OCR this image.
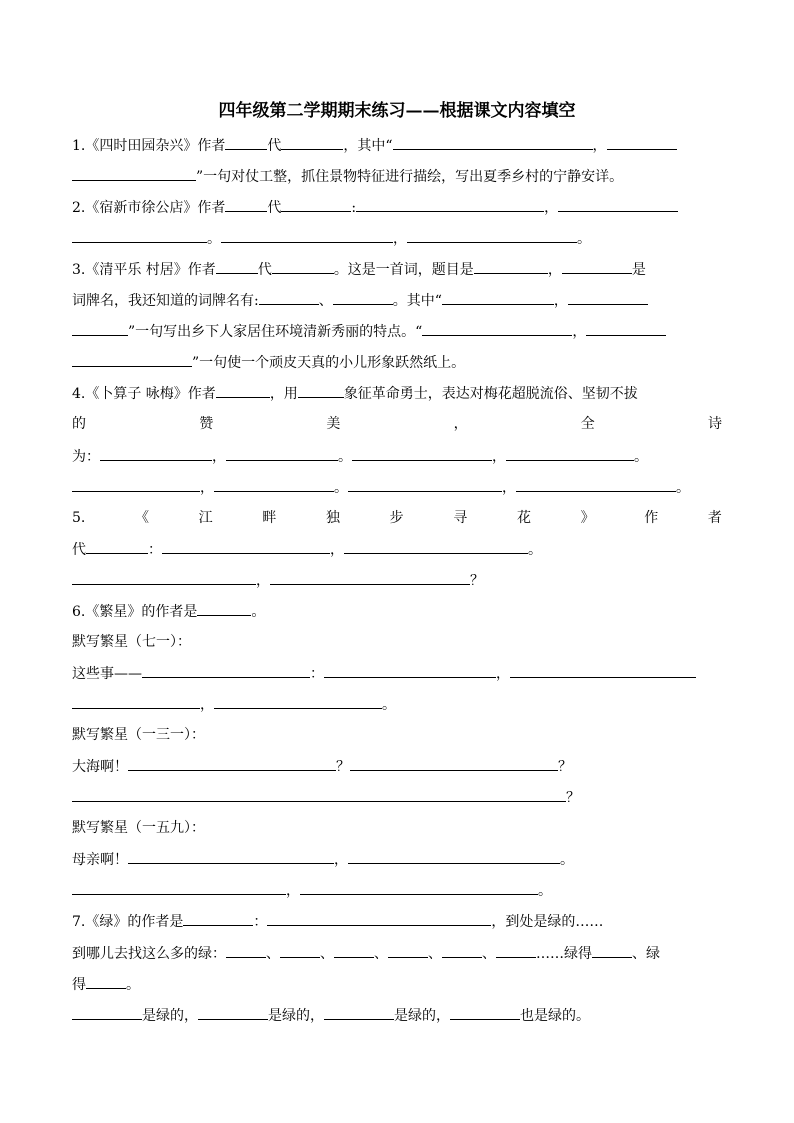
四年级第二学期期末练习——根据课文内容填空
1.《四时田园杂兴》作者	代	，其中“	，
”一句对仗工整，抓住景物特征进行描绘，写出夏季乡村的宁静安详。
2.《宿新市徐公店》作者	代	:	，
。	，	。
3.《清平乐 村居》作者	代	。这是一首词，题目是	，	是
词牌名，我还知道的词牌名有:	、	。其中“	，
”一句写出乡下人家居住环境清新秀丽的特点。“	，
”一句使一个顽皮天真的小儿形象跃然纸上。
4.《卜算子 咏梅》作者	，用	象征革命勇士，表达对梅花超脱流俗、坚韧不拔
的	赞	美	，	全	诗
为：	，	。	，	。
，	。	，	。
5.	《	江	畔	独	步	寻	花	》	作	者
代	：	，	。
，	？
6.《繁星》的作者是	。
默写繁星（七一）：
这些事——	：	，
，	。
默写繁星（一三一）：
大海啊！	？	？
？
默写繁星（一五九）：
母亲啊！	，	。
，	。
7.《绿》的作者是	：	，到处是绿的……
到哪儿去找这么多的绿：	、	、	、	、	、	……绿得	、绿
得	。
是绿的，	是绿的，	是绿的，	也是绿的。
